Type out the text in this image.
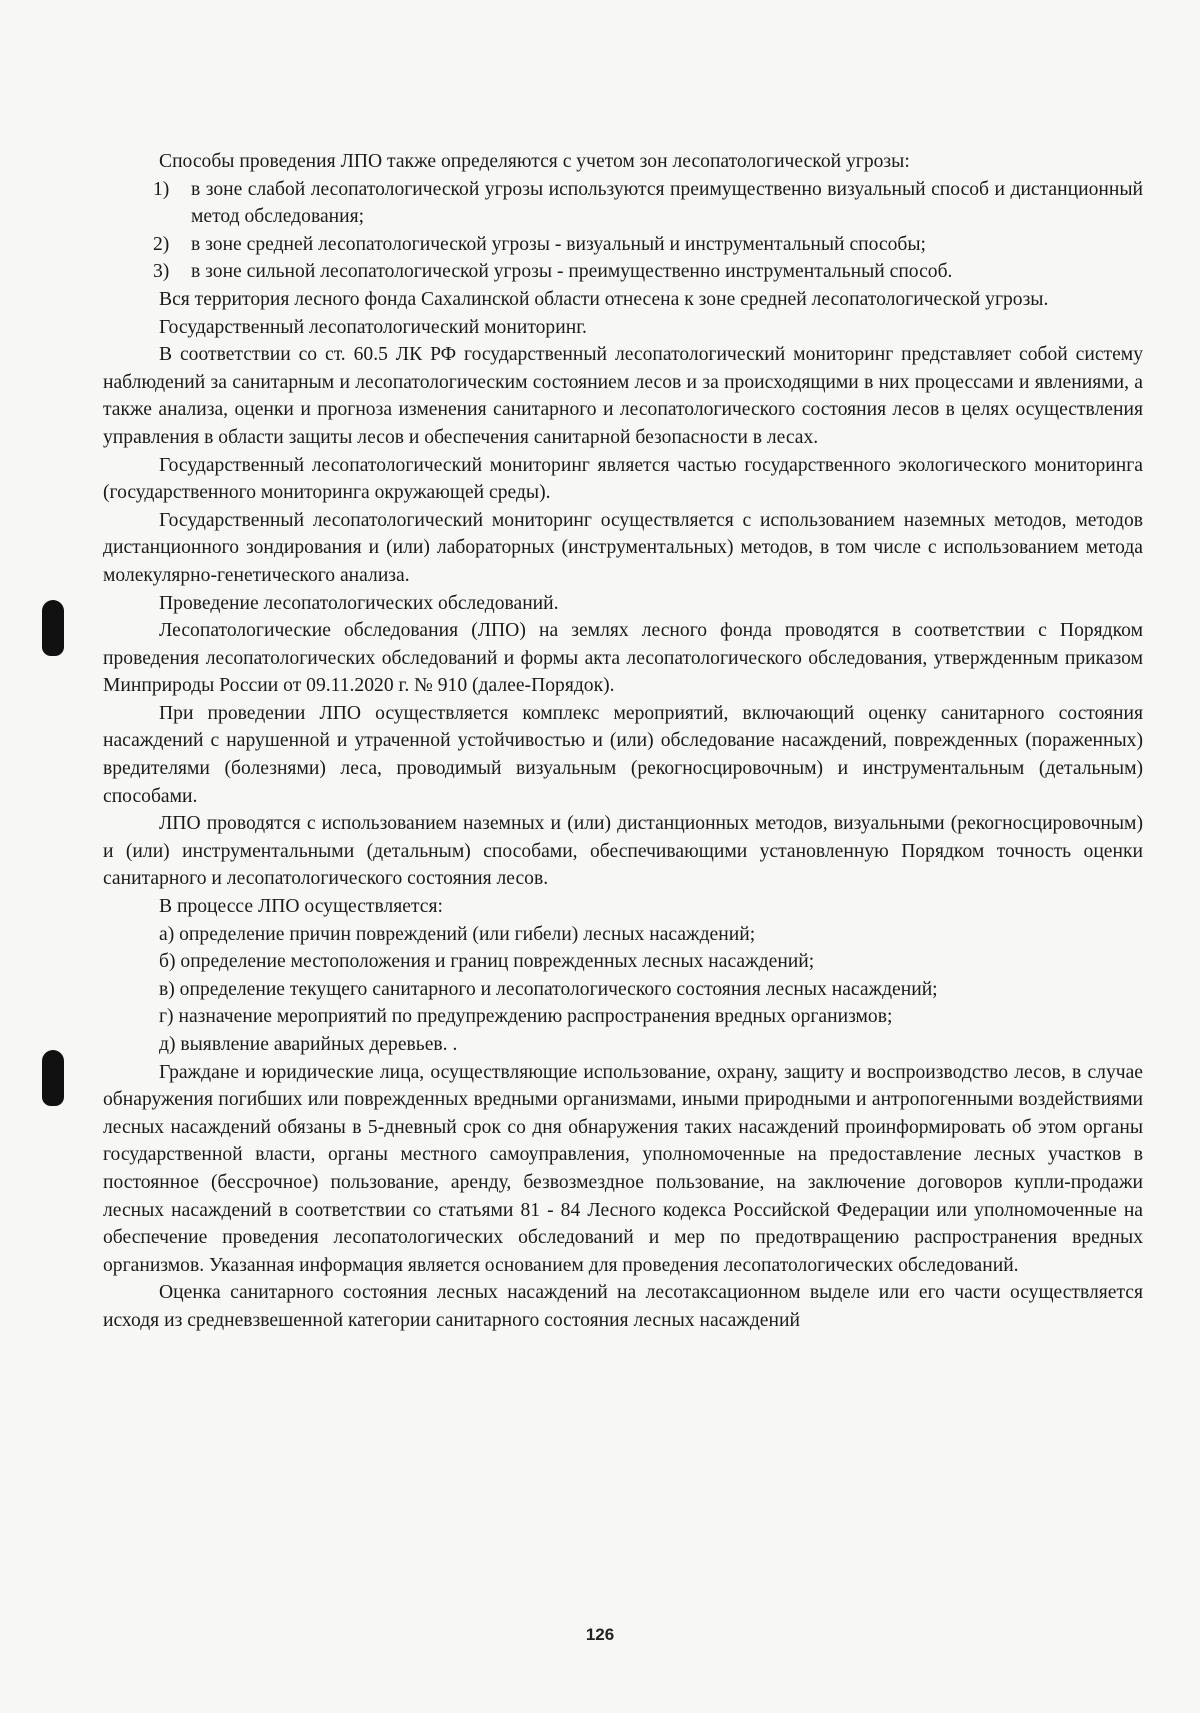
Способы проведения ЛПО также определяются с учетом зон лесопатологической угрозы:

1) в зоне слабой лесопатологической угрозы используются преимущественно визуальный способ и дистанционный метод обследования;
2) в зоне средней лесопатологической угрозы - визуальный и инструментальный способы;
3) в зоне сильной лесопатологической угрозы - преимущественно инструментальный способ.

Вся территория лесного фонда Сахалинской области отнесена к зоне средней лесопатологической угрозы.

Государственный лесопатологический мониторинг.

В соответствии со ст. 60.5 ЛК РФ государственный лесопатологический мониторинг представляет собой систему наблюдений за санитарным и лесопатологическим состоянием лесов и за происходящими в них процессами и явлениями, а также анализа, оценки и прогноза изменения санитарного и лесопатологического состояния лесов в целях осуществления управления в области защиты лесов и обеспечения санитарной безопасности в лесах.

Государственный лесопатологический мониторинг является частью государственного экологического мониторинга (государственного мониторинга окружающей среды).

Государственный лесопатологический мониторинг осуществляется с использованием наземных методов, методов дистанционного зондирования и (или) лабораторных (инструментальных) методов, в том числе с использованием метода молекулярно-генетического анализа.

Проведение лесопатологических обследований.

Лесопатологические обследования (ЛПО) на землях лесного фонда проводятся в соответствии с Порядком проведения лесопатологических обследований и формы акта лесопатологического обследования, утвержденным приказом Минприроды России от 09.11.2020 г. № 910 (далее-Порядок).

При проведении ЛПО осуществляется комплекс мероприятий, включающий оценку санитарного состояния насаждений с нарушенной и утраченной устойчивостью и (или) обследование насаждений, поврежденных (пораженных) вредителями (болезнями) леса, проводимый визуальным (рекогносцировочным) и инструментальным (детальным) способами.

ЛПО проводятся с использованием наземных и (или) дистанционных методов, визуальными (рекогносцировочным) и (или) инструментальными (детальным) способами, обеспечивающими установленную Порядком точность оценки санитарного и лесопатологического состояния лесов.

В процессе ЛПО осуществляется:

а) определение причин повреждений (или гибели) лесных насаждений;
б) определение местоположения и границ поврежденных лесных насаждений;
в) определение текущего санитарного и лесопатологического состояния лесных насаждений;
г) назначение мероприятий по предупреждению распространения вредных организмов;
д) выявление аварийных деревьев. .

Граждане и юридические лица, осуществляющие использование, охрану, защиту и воспроизводство лесов, в случае обнаружения погибших или поврежденных вредными организмами, иными природными и антропогенными воздействиями лесных насаждений обязаны в 5-дневный срок со дня обнаружения таких насаждений проинформировать об этом органы государственной власти, органы местного самоуправления, уполномоченные на предоставление лесных участков в постоянное (бессрочное) пользование, аренду, безвозмездное пользование, на заключение договоров купли-продажи лесных насаждений в соответствии со статьями 81 - 84 Лесного кодекса Российской Федерации или уполномоченные на обеспечение проведения лесопатологических обследований и мер по предотвращению распространения вредных организмов. Указанная информация является основанием для проведения лесопатологических обследований.

Оценка санитарного состояния лесных насаждений на лесотаксационном выделе или его части осуществляется исходя из средневзвешенной категории санитарного состояния лесных насаждений

126
